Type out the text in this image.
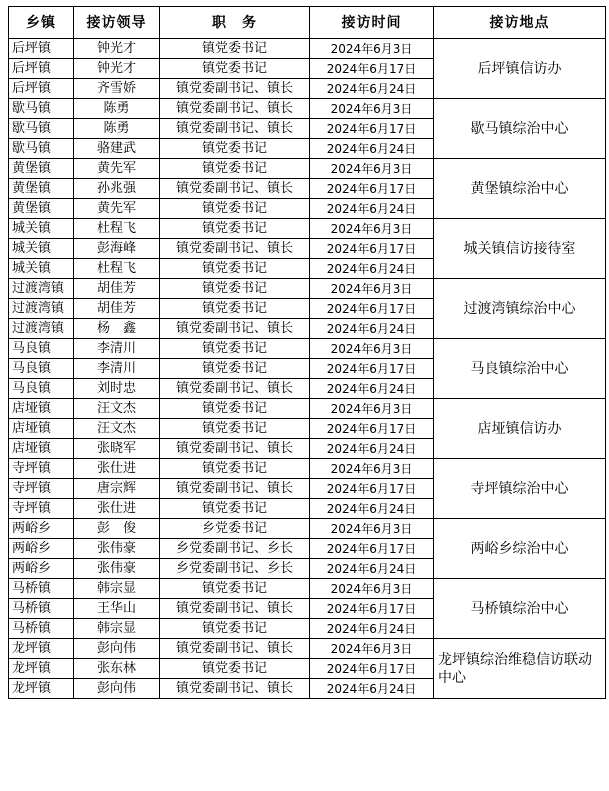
乡镇	接访领导	职　务	接访时间	接访地点
后坪镇	钟光才	镇党委书记	2024年6月3日	后坪镇信访办
后坪镇	钟光才	镇党委书记	2024年6月17日	
后坪镇	齐雪娇	镇党委副书记、镇长	2024年6月24日	
歇马镇	陈勇	镇党委副书记、镇长	2024年6月3日	歇马镇综治中心
歇马镇	陈勇	镇党委副书记、镇长	2024年6月17日	
歇马镇	骆建武	镇党委书记	2024年6月24日	
黄堡镇	黄先军	镇党委书记	2024年6月3日	黄堡镇综治中心
黄堡镇	孙兆强	镇党委副书记、镇长	2024年6月17日	
黄堡镇	黄先军	镇党委书记	2024年6月24日	
城关镇	杜程飞	镇党委书记	2024年6月3日	城关镇信访接待室
城关镇	彭海峰	镇党委副书记、镇长	2024年6月17日	
城关镇	杜程飞	镇党委书记	2024年6月24日	
过渡湾镇	胡佳芳	镇党委书记	2024年6月3日	过渡湾镇综治中心
过渡湾镇	胡佳芳	镇党委书记	2024年6月17日	
过渡湾镇	杨　鑫	镇党委副书记、镇长	2024年6月24日	
马良镇	李清川	镇党委书记	2024年6月3日	马良镇综治中心
马良镇	李清川	镇党委书记	2024年6月17日	
马良镇	刘时忠	镇党委副书记、镇长	2024年6月24日	
店垭镇	汪文杰	镇党委书记	2024年6月3日	店垭镇信访办
店垭镇	汪文杰	镇党委书记	2024年6月17日	
店垭镇	张晓军	镇党委副书记、镇长	2024年6月24日	
寺坪镇	张仕进	镇党委书记	2024年6月3日	寺坪镇综治中心
寺坪镇	唐宗辉	镇党委副书记、镇长	2024年6月17日	
寺坪镇	张仕进	镇党委书记	2024年6月24日	
两峪乡	彭　俊	乡党委书记	2024年6月3日	两峪乡综治中心
两峪乡	张伟豪	乡党委副书记、乡长	2024年6月17日	
两峪乡	张伟豪	乡党委副书记、乡长	2024年6月24日	
马桥镇	韩宗显	镇党委书记	2024年6月3日	马桥镇综治中心
马桥镇	王华山	镇党委副书记、镇长	2024年6月17日	
马桥镇	韩宗显	镇党委书记	2024年6月24日	
龙坪镇	彭向伟	镇党委副书记、镇长	2024年6月3日	龙坪镇综治维稳信访联动中心
龙坪镇	张东林	镇党委书记	2024年6月17日	
龙坪镇	彭向伟	镇党委副书记、镇长	2024年6月24日	
